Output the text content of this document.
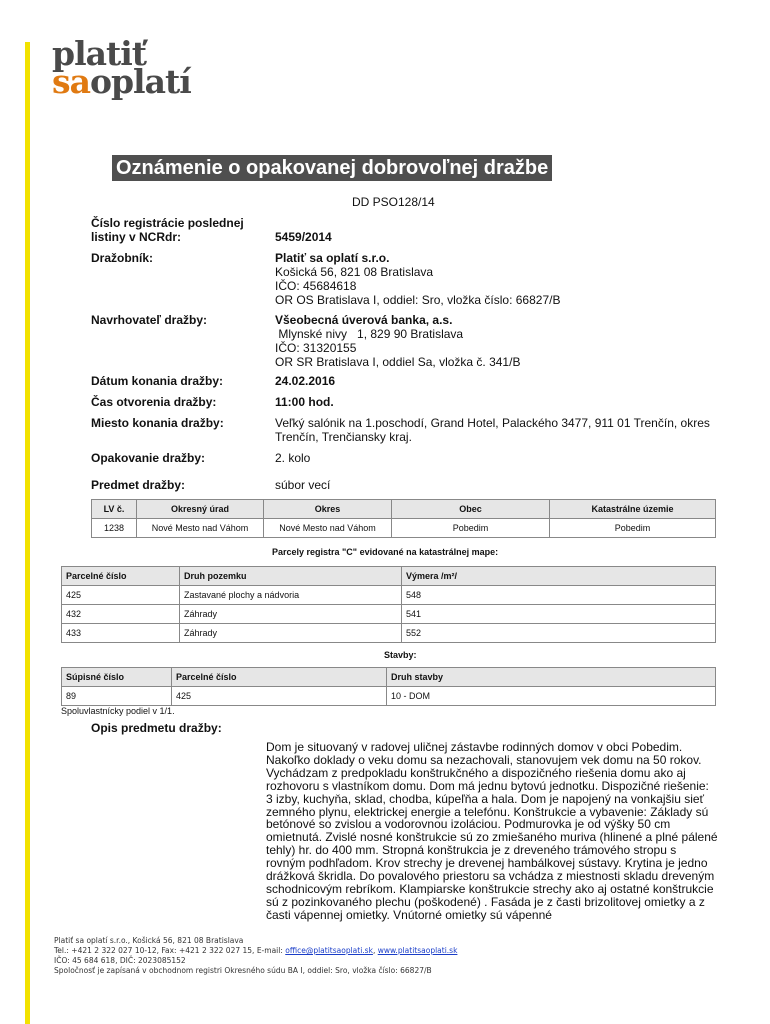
platiť
saoplatí
Oznámenie o opakovanej dobrovoľnej dražbe
DD PSO128/14
Číslo registrácie poslednej listiny v NCRdr:	5459/2014
Dražobník:	Platiť sa oplatí s.r.o.
Košická 56, 821 08 Bratislava
IČO: 45684618
OR OS Bratislava I, oddiel: Sro, vložka číslo: 66827/B
Navrhovateľ dražby:	Všeobecná úverová banka, a.s.
Mlynské nivy   1, 829 90 Bratislava
IČO: 31320155
OR SR Bratislava I, oddiel Sa, vložka č. 341/B
Dátum konania dražby:	24.02.2016
Čas otvorenia dražby:	11:00 hod.
Miesto konania dražby:	Veľký salónik na 1.poschodí, Grand Hotel, Palackého 3477, 911 01 Trenčín, okres Trenčín, Trenčiansky kraj.
Opakovanie dražby:	2. kolo
Predmet dražby:	súbor vecí
LV č.	Okresný úrad	Okres	Obec	Katastrálne územie
1238	Nové Mesto nad Váhom	Nové Mesto nad Váhom	Pobedim	Pobedim
Parcely registra "C" evidované na katastrálnej mape:
Parcelné číslo	Druh pozemku	Výmera /m²/
425	Zastavané plochy a nádvoria	548
432	Záhrady	541
433	Záhrady	552
Stavby:
Súpisné číslo	Parcelné číslo	Druh stavby
89	425	10 - DOM
Spoluvlastnícky podiel v 1/1.
Opis predmetu dražby:
Dom je situovaný v radovej uličnej zástavbe rodinných domov v obci Pobedim. Nakoľko doklady o veku domu sa nezachovali, stanovujem vek domu na 50 rokov. Vychádzam z predpokladu konštrukčného a dispozičného riešenia domu ako aj rozhovoru s vlastníkom domu. Dom má jednu bytovú jednotku. Dispozičné riešenie: 3 izby, kuchyňa, sklad, chodba, kúpeľňa a hala. Dom je napojený na vonkajšiu sieť zemného plynu, elektrickej energie a telefónu. Konštrukcie a vybavenie: Základy sú betónové so zvislou a vodorovnou izoláciou. Podmurovka je od výšky 50 cm omietnutá. Zvislé nosné konštrukcie sú zo zmiešaného muriva (hlinené a plné pálené tehly) hr. do 400 mm. Stropná konštrukcia je z dreveného trámového stropu s rovným podhľadom. Krov strechy je drevenej hambálkovej sústavy. Krytina je jedno drážková škridla. Do povalového priestoru sa vchádza z miestnosti skladu dreveným schodnicovým rebríkom. Klampiarske konštrukcie strechy ako aj ostatné konštrukcie sú z pozinkovaného plechu (poškodené) . Fasáda je z časti brizolitovej omietky a z časti vápennej omietky. Vnútorné omietky sú vápenné
Platiť sa oplatí s.r.o., Košická 56, 821 08 Bratislava
Tel.: +421 2 322 027 10-12, Fax: +421 2 322 027 15, E-mail: office@platitsaoplati.sk, www.platitsaoplati.sk
IČO: 45 684 618, DIČ: 2023085152
Spoločnosť je zapísaná v obchodnom registri Okresného súdu BA I, oddiel: Sro, vložka číslo: 66827/B
